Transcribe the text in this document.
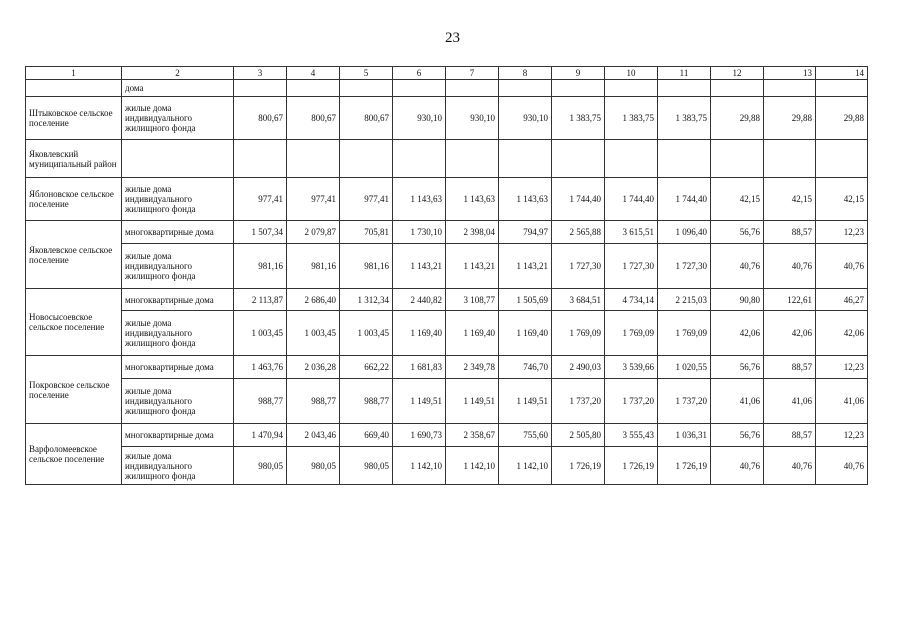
23
1	2	3	4	5	6	7	8	9	10	11	12	13	14
	дома												
Штыковское сельское поселение	жилые дома индивидуального жилищного фонда	800,67	800,67	800,67	930,10	930,10	930,10	1 383,75	1 383,75	1 383,75	29,88	29,88	29,88
Яковлевский муниципальный район													
Яблоновское сельское поселение	жилые дома индивидуального жилищного фонда	977,41	977,41	977,41	1 143,63	1 143,63	1 143,63	1 744,40	1 744,40	1 744,40	42,15	42,15	42,15
Яковлевское сельское поселение	многоквартирные дома	1 507,34	2 079,87	705,81	1 730,10	2 398,04	794,97	2 565,88	3 615,51	1 096,40	56,76	88,57	12,23
	жилые дома индивидуального жилищного фонда	981,16	981,16	981,16	1 143,21	1 143,21	1 143,21	1 727,30	1 727,30	1 727,30	40,76	40,76	40,76
Новосысоевское сельское поселение	многоквартирные дома	2 113,87	2 686,40	1 312,34	2 440,82	3 108,77	1 505,69	3 684,51	4 734,14	2 215,03	90,80	122,61	46,27
	жилые дома индивидуального жилищного фонда	1 003,45	1 003,45	1 003,45	1 169,40	1 169,40	1 169,40	1 769,09	1 769,09	1 769,09	42,06	42,06	42,06
Покровское сельское поселение	многоквартирные дома	1 463,76	2 036,28	662,22	1 681,83	2 349,78	746,70	2 490,03	3 539,66	1 020,55	56,76	88,57	12,23
	жилые дома индивидуального жилищного фонда	988,77	988,77	988,77	1 149,51	1 149,51	1 149,51	1 737,20	1 737,20	1 737,20	41,06	41,06	41,06
Варфоломеевское сельское поселение	многоквартирные дома	1 470,94	2 043,46	669,40	1 690,73	2 358,67	755,60	2 505,80	3 555,43	1 036,31	56,76	88,57	12,23
	жилые дома индивидуального жилищного фонда	980,05	980,05	980,05	1 142,10	1 142,10	1 142,10	1 726,19	1 726,19	1 726,19	40,76	40,76	40,76
